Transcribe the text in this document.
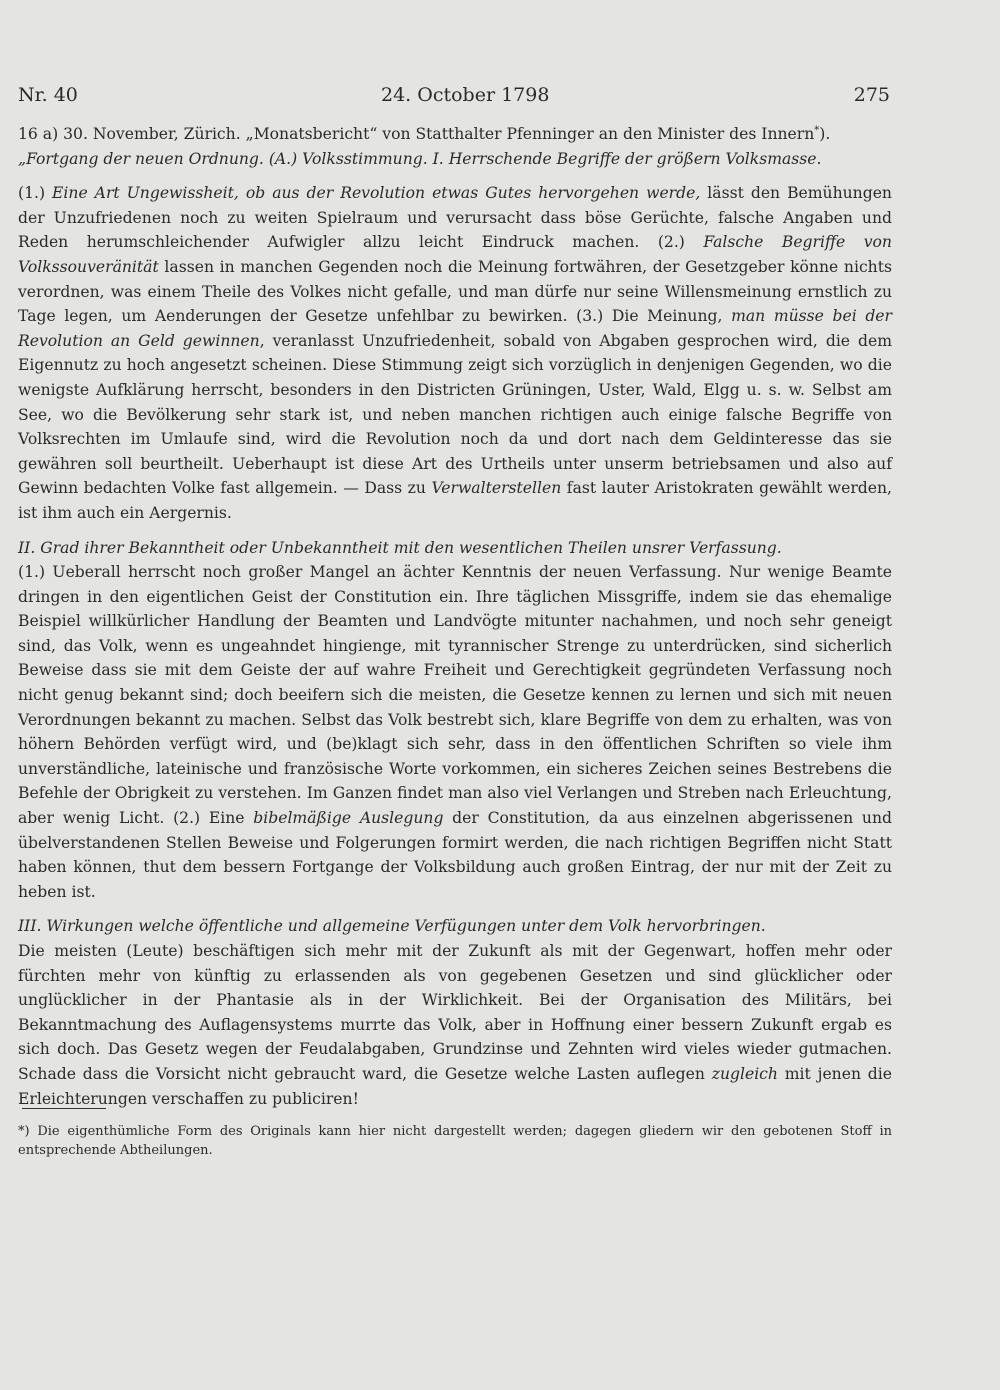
Nr. 40	24. October 1798	275

16 a) 30. November, Zürich. „Monatsbericht“ von Statthalter Pfenninger an den Minister des Innern*).

„Fortgang der neuen Ordnung. (A.) Volksstimmung. I. Herrschende Begriffe der größern Volksmasse.

(1.) Eine Art Ungewissheit, ob aus der Revolution etwas Gutes hervorgehen werde, lässt den Bemühungen der Unzufriedenen noch zu weiten Spielraum und verursacht dass böse Gerüchte, falsche Angaben und Reden herumschleichender Aufwigler allzu leicht Eindruck machen. (2.) Falsche Begriffe von Volkssouveränität lassen in manchen Gegenden noch die Meinung fortwähren, der Gesetzgeber könne nichts verordnen, was einem Theile des Volkes nicht gefalle, und man dürfe nur seine Willensmeinung ernstlich zu Tage legen, um Aenderungen der Gesetze unfehlbar zu bewirken. (3.) Die Meinung, man müsse bei der Revolution an Geld gewinnen, veranlasst Unzufriedenheit, sobald von Abgaben gesprochen wird, die dem Eigennutz zu hoch angesetzt scheinen. Diese Stimmung zeigt sich vorzüglich in denjenigen Gegenden, wo die wenigste Aufklärung herrscht, besonders in den Districten Grüningen, Uster, Wald, Elgg u. s. w. Selbst am See, wo die Bevölkerung sehr stark ist, und neben manchen richtigen auch einige falsche Begriffe von Volksrechten im Umlaufe sind, wird die Revolution noch da und dort nach dem Geldinteresse das sie gewähren soll beurtheilt. Ueberhaupt ist diese Art des Urtheils unter unserm betriebsamen und also auf Gewinn bedachten Volke fast allgemein. — Dass zu Verwalterstellen fast lauter Aristokraten gewählt werden, ist ihm auch ein Aergernis.

II. Grad ihrer Bekanntheit oder Unbekanntheit mit den wesentlichen Theilen unsrer Verfassung.

(1.) Ueberall herrscht noch großer Mangel an ächter Kenntnis der neuen Verfassung. Nur wenige Beamte dringen in den eigentlichen Geist der Constitution ein. Ihre täglichen Missgriffe, indem sie das ehemalige Beispiel willkürlicher Handlung der Beamten und Landvögte mitunter nachahmen, und noch sehr geneigt sind, das Volk, wenn es ungeahndet hingienge, mit tyrannischer Strenge zu unterdrücken, sind sicherlich Beweise dass sie mit dem Geiste der auf wahre Freiheit und Gerechtigkeit gegründeten Verfassung noch nicht genug bekannt sind; doch beeifern sich die meisten, die Gesetze kennen zu lernen und sich mit neuen Verordnungen bekannt zu machen. Selbst das Volk bestrebt sich, klare Begriffe von dem zu erhalten, was von höhern Behörden verfügt wird, und (be)klagt sich sehr, dass in den öffentlichen Schriften so viele ihm unverständliche, lateinische und französische Worte vorkommen, ein sicheres Zeichen seines Bestrebens die Befehle der Obrigkeit zu verstehen. Im Ganzen findet man also viel Verlangen und Streben nach Erleuchtung, aber wenig Licht. (2.) Eine bibelmäßige Auslegung der Constitution, da aus einzelnen abgerissenen und übelverstandenen Stellen Beweise und Folgerungen formirt werden, die nach richtigen Begriffen nicht Statt haben können, thut dem bessern Fortgange der Volksbildung auch großen Eintrag, der nur mit der Zeit zu heben ist.

III. Wirkungen welche öffentliche und allgemeine Verfügungen unter dem Volk hervorbringen.

Die meisten (Leute) beschäftigen sich mehr mit der Zukunft als mit der Gegenwart, hoffen mehr oder fürchten mehr von künftig zu erlassenden als von gegebenen Gesetzen und sind glücklicher oder unglücklicher in der Phantasie als in der Wirklichkeit. Bei der Organisation des Militärs, bei Bekanntmachung des Auflagensystems murrte das Volk, aber in Hoffnung einer bessern Zukunft ergab es sich doch. Das Gesetz wegen der Feudalabgaben, Grundzinse und Zehnten wird vieles wieder gutmachen. Schade dass die Vorsicht nicht gebraucht ward, die Gesetze welche Lasten auflegen zugleich mit jenen die Erleichterungen verschaffen zu publiciren!

*) Die eigenthümliche Form des Originals kann hier nicht dargestellt werden; dagegen gliedern wir den gebotenen Stoff in entsprechende Abtheilungen.
